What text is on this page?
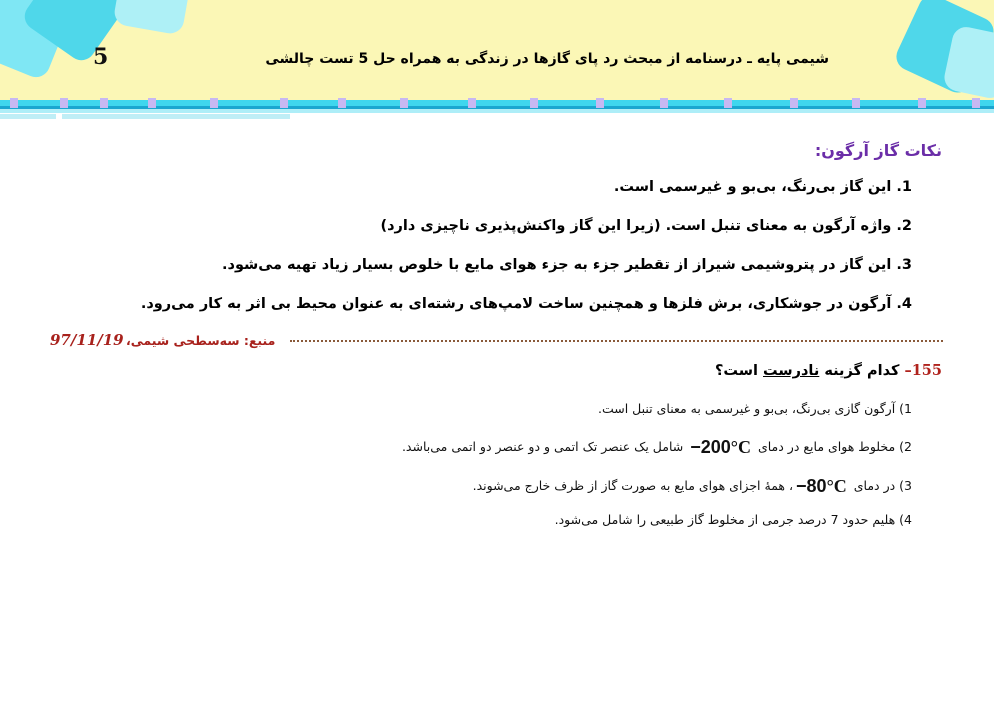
5	شیمی پایه ـ درسنامه از مبحث رد پای گازها در زندگی به همراه حل 5 تست چالشی
نکات گاز آرگون:
1. این گاز بی‌رنگ، بی‌بو و غیرسمی است.
2. واژه آرگون به معنای تنبل است. (زیرا این گاز واکنش‌پذیری ناچیزی دارد)
3. این گاز در پتروشیمی شیراز از تقطیر جزء به جزء هوای مایع با خلوص بسیار زیاد تهیه می‌شود.
4. آرگون در جوشکاری، برش فلزها و همچنین ساخت لامپ‌های رشته‌ای به عنوان محیط بی اثر به کار می‌رود.
97/11/19 منبع: سه‌سطحی شیمی،
155– کدام گزینه نادرست است؟
1) آرگون گازی بی‌رنگ، بی‌بو و غیرسمی به معنای تنبل است.
2) مخلوط هوای مایع در دمای −200°C شامل یک عنصر تک اتمی و دو عنصر دو اتمی می‌باشد.
3) در دمای −80°C، همهٔ اجزای هوای مایع به صورت گاز از ظرف خارج می‌شوند.
4) هلیم حدود 7 درصد جرمی از مخلوط گاز طبیعی را شامل می‌شود.
